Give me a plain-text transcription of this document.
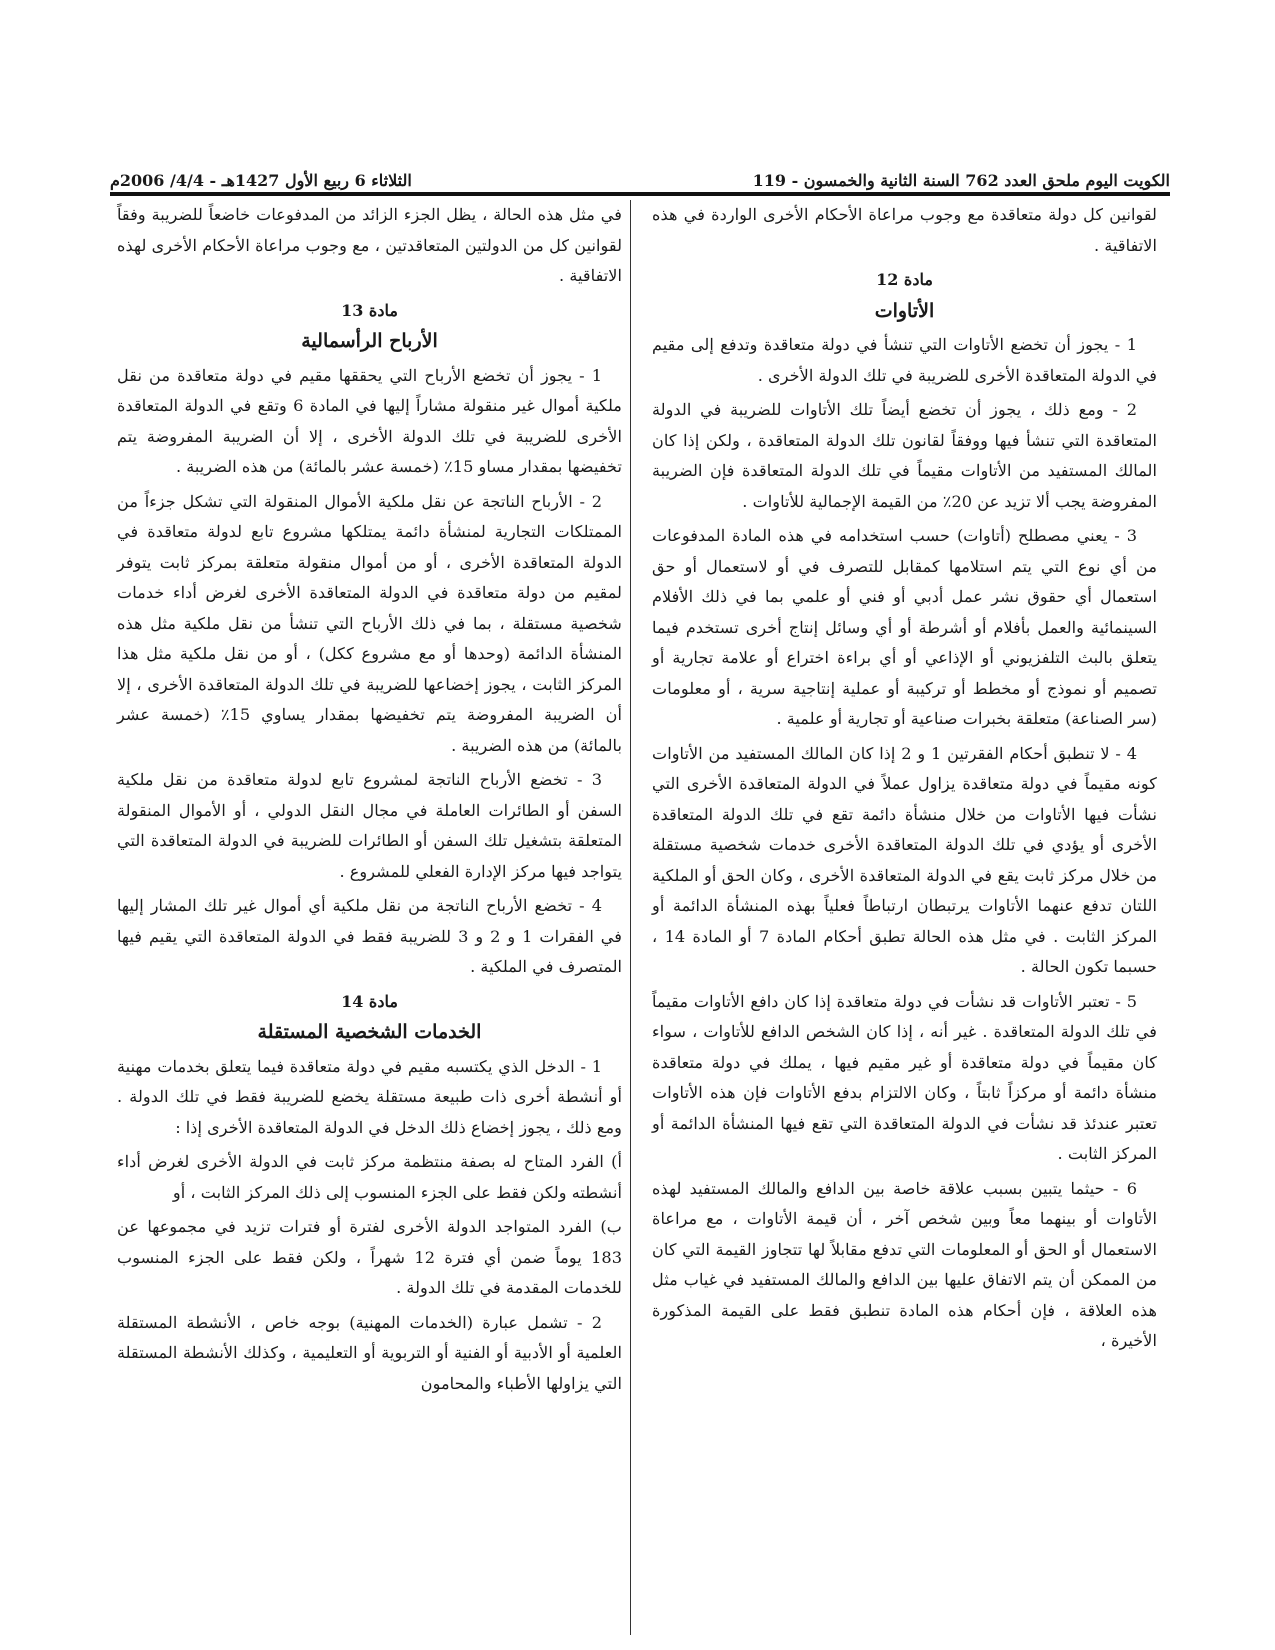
الكويت اليوم ملحق العدد 762 السنة الثانية والخمسون - 119
الثلاثاء 6 ربيع الأول 1427هـ - 4/4/ 2006م

لقوانين كل دولة متعاقدة مع وجوب مراعاة الأحكام الأخرى الواردة في هذه الاتفاقية .

مادة 12
الأتاوات

1 - يجوز أن تخضع الأتاوات التي تنشأ في دولة متعاقدة وتدفع إلى مقيم في الدولة المتعاقدة الأخرى للضريبة في تلك الدولة الأخرى .

2 - ومع ذلك ، يجوز أن تخضع أيضاً تلك الأتاوات للضريبة في الدولة المتعاقدة التي تنشأ فيها ووفقاً لقانون تلك الدولة المتعاقدة ، ولكن إذا كان المالك المستفيد من الأتاوات مقيماً في تلك الدولة المتعاقدة فإن الضريبة المفروضة يجب ألا تزيد عن 20٪ من القيمة الإجمالية للأتاوات .

3 - يعني مصطلح (أتاوات) حسب استخدامه في هذه المادة المدفوعات من أي نوع التي يتم استلامها كمقابل للتصرف في أو لاستعمال أو حق استعمال أي حقوق نشر عمل أدبي أو فني أو علمي بما في ذلك الأفلام السينمائية والعمل بأفلام أو أشرطة أو أي وسائل إنتاج أخرى تستخدم فيما يتعلق بالبث التلفزيوني أو الإذاعي أو أي براءة اختراع أو علامة تجارية أو تصميم أو نموذج أو مخطط أو تركيبة أو عملية إنتاجية سرية ، أو معلومات (سر الصناعة) متعلقة بخبرات صناعية أو تجارية أو علمية .

4 - لا تنطبق أحكام الفقرتين 1 و 2 إذا كان المالك المستفيد من الأتاوات كونه مقيماً في دولة متعاقدة يزاول عملاً في الدولة المتعاقدة الأخرى التي نشأت فيها الأتاوات من خلال منشأة دائمة تقع في تلك الدولة المتعاقدة الأخرى أو يؤدي في تلك الدولة المتعاقدة الأخرى خدمات شخصية مستقلة من خلال مركز ثابت يقع في الدولة المتعاقدة الأخرى ، وكان الحق أو الملكية اللتان تدفع عنهما الأتاوات يرتبطان ارتباطاً فعلياً بهذه المنشأة الدائمة أو المركز الثابت . في مثل هذه الحالة تطبق أحكام المادة 7 أو المادة 14 ، حسبما تكون الحالة .

5 - تعتبر الأتاوات قد نشأت في دولة متعاقدة إذا كان دافع الأتاوات مقيماً في تلك الدولة المتعاقدة . غير أنه ، إذا كان الشخص الدافع للأتاوات ، سواء كان مقيماً في دولة متعاقدة أو غير مقيم فيها ، يملك في دولة متعاقدة منشأة دائمة أو مركزاً ثابتاً ، وكان الالتزام بدفع الأتاوات فإن هذه الأتاوات تعتبر عندئذ قد نشأت في الدولة المتعاقدة التي تقع فيها المنشأة الدائمة أو المركز الثابت .

6 - حيثما يتبين بسبب علاقة خاصة بين الدافع والمالك المستفيد لهذه الأتاوات أو بينهما معاً وبين شخص آخر ، أن قيمة الأتاوات ، مع مراعاة الاستعمال أو الحق أو المعلومات التي تدفع مقابلاً لها تتجاوز القيمة التي كان من الممكن أن يتم الاتفاق عليها بين الدافع والمالك المستفيد في غياب مثل هذه العلاقة ، فإن أحكام هذه المادة تنطبق فقط على القيمة المذكورة الأخيرة ،

في مثل هذه الحالة ، يظل الجزء الزائد من المدفوعات خاضعاً للضريبة وفقاً لقوانين كل من الدولتين المتعاقدتين ، مع وجوب مراعاة الأحكام الأخرى لهذه الاتفاقية .

مادة 13
الأرباح الرأسمالية

1 - يجوز أن تخضع الأرباح التي يحققها مقيم في دولة متعاقدة من نقل ملكية أموال غير منقولة مشاراً إليها في المادة 6 وتقع في الدولة المتعاقدة الأخرى للضريبة في تلك الدولة الأخرى ، إلا أن الضريبة المفروضة يتم تخفيضها بمقدار مساو 15٪ (خمسة عشر بالمائة) من هذه الضريبة .

2 - الأرباح الناتجة عن نقل ملكية الأموال المنقولة التي تشكل جزءاً من الممتلكات التجارية لمنشأة دائمة يمتلكها مشروع تابع لدولة متعاقدة في الدولة المتعاقدة الأخرى ، أو من أموال منقولة متعلقة بمركز ثابت يتوفر لمقيم من دولة متعاقدة في الدولة المتعاقدة الأخرى لغرض أداء خدمات شخصية مستقلة ، بما في ذلك الأرباح التي تنشأ من نقل ملكية مثل هذه المنشأة الدائمة (وحدها أو مع مشروع ككل) ، أو من نقل ملكية مثل هذا المركز الثابت ، يجوز إخضاعها للضريبة في تلك الدولة المتعاقدة الأخرى ، إلا أن الضريبة المفروضة يتم تخفيضها بمقدار يساوي 15٪ (خمسة عشر بالمائة) من هذه الضريبة .

3 - تخضع الأرباح الناتجة لمشروع تابع لدولة متعاقدة من نقل ملكية السفن أو الطائرات العاملة في مجال النقل الدولي ، أو الأموال المنقولة المتعلقة بتشغيل تلك السفن أو الطائرات للضريبة في الدولة المتعاقدة التي يتواجد فيها مركز الإدارة الفعلي للمشروع .

4 - تخضع الأرباح الناتجة من نقل ملكية أي أموال غير تلك المشار إليها في الفقرات 1 و 2 و 3 للضريبة فقط في الدولة المتعاقدة التي يقيم فيها المتصرف في الملكية .

مادة 14
الخدمات الشخصية المستقلة

1 - الدخل الذي يكتسبه مقيم في دولة متعاقدة فيما يتعلق بخدمات مهنية أو أنشطة أخرى ذات طبيعة مستقلة يخضع للضريبة فقط في تلك الدولة . ومع ذلك ، يجوز إخضاع ذلك الدخل في الدولة المتعاقدة الأخرى إذا :

أ) الفرد المتاح له بصفة منتظمة مركز ثابت في الدولة الأخرى لغرض أداء أنشطته ولكن فقط على الجزء المنسوب إلى ذلك المركز الثابت ، أو

ب) الفرد المتواجد الدولة الأخرى لفترة أو فترات تزيد في مجموعها عن 183 يوماً ضمن أي فترة 12 شهراً ، ولكن فقط على الجزء المنسوب للخدمات المقدمة في تلك الدولة .

2 - تشمل عبارة (الخدمات المهنية) بوجه خاص ، الأنشطة المستقلة العلمية أو الأدبية أو الفنية أو التربوية أو التعليمية ، وكذلك الأنشطة المستقلة التي يزاولها الأطباء والمحامون
